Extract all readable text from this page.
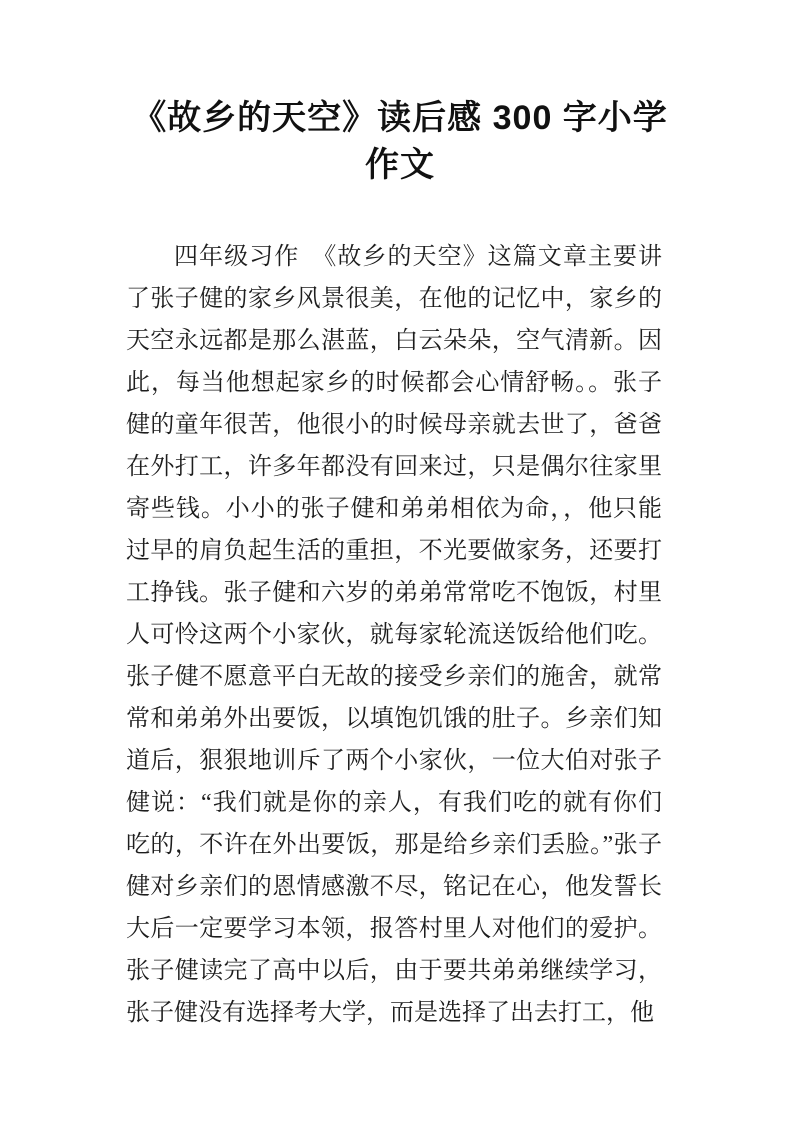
《故乡的天空》读后感 300 字小学作文

四年级习作　《故乡的天空》这篇文章主要讲了张子健的家乡风景很美，在他的记忆中，家乡的天空永远都是那么湛蓝，白云朵朵，空气清新。因此，每当他想起家乡的时候都会心情舒畅。。张子健的童年很苦，他很小的时候母亲就去世了，爸爸在外打工，许多年都没有回来过，只是偶尔往家里寄些钱。小小的张子健和弟弟相依为命，，他只能过早的肩负起生活的重担，不光要做家务，还要打工挣钱。张子健和六岁的弟弟常常吃不饱饭，村里人可怜这两个小家伙，就每家轮流送饭给他们吃。张子健不愿意平白无故的接受乡亲们的施舍，就常常和弟弟外出要饭，以填饱饥饿的肚子。乡亲们知道后，狠狠地训斥了两个小家伙，一位大伯对张子健说：“我们就是你的亲人，有我们吃的就有你们吃的，不许在外出要饭，那是给乡亲们丢脸。”张子健对乡亲们的恩情感激不尽，铭记在心，他发誓长大后一定要学习本领，报答村里人对他们的爱护。张子健读完了高中以后，由于要共弟弟继续学习，张子健没有选择考大学，而是选择了出去打工，他
